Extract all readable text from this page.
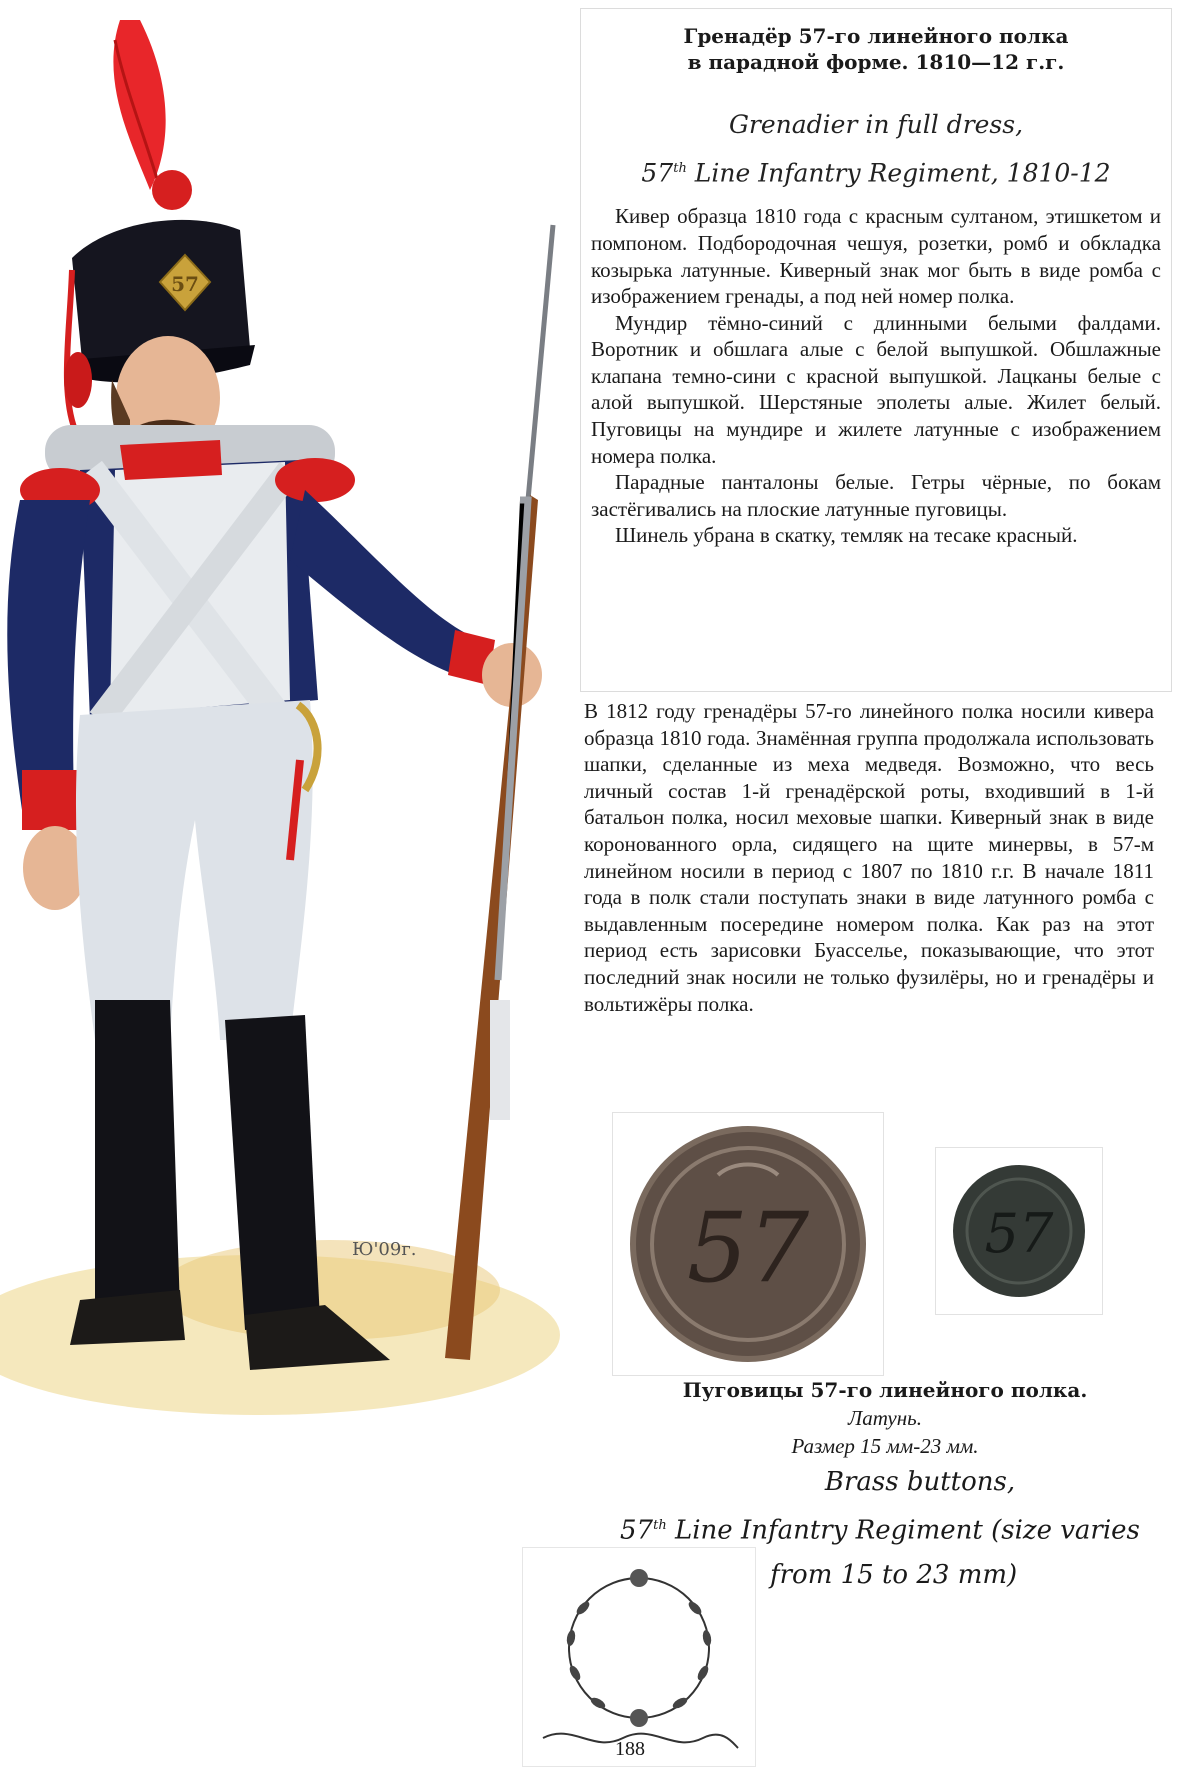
57
Ю'09г.

Гренадёр 57-го линейного полка
в парадной форме. 1810—12 г.г.

Grenadier in full dress,
57th Line Infantry Regiment, 1810-12

Кивер образца 1810 года с красным султаном, этишкетом и помпоном. Подбородочная чешуя, розетки, ромб и обкладка козырька латунные. Киверный знак мог быть в виде ромба с изображением гренады, а под ней номер полка.

Мундир тёмно-синий с длинными белыми фалдами. Воротник и обшлага алые с белой выпушкой. Обшлажные клапана темно-сини с красной выпушкой. Лацканы белые с алой выпушкой. Шерстяные эполеты алые. Жилет белый. Пуговицы на мундире и жилете латунные с изображением номера полка.

Парадные панталоны белые. Гетры чёрные, по бокам застёгивались на плоские латунные пуговицы.

Шинель убрана в скатку, темляк на тесаке красный.

В 1812 году гренадёры 57-го линейного полка носили кивера образца 1810 года. Знамённая группа продолжала использовать шапки, сделанные из меха медведя. Возможно, что весь личный состав 1-й гренадёрской роты, входивший в 1-й батальон полка, носил меховые шапки. Киверный знак в виде коронованного орла, сидящего на щите минервы, в 57-м линейном носили в период с 1807 по 1810 г.г. В начале 1811 года в полк стали поступать знаки в виде латунного ромба с выдавленным посередине номером полка. Как раз на этот период есть зарисовки Буасселье, показывающие, что этот последний знак носили не только фузилёры, но и гренадёры и вольтижёры полка.

57	57
Пуговицы 57-го линейного полка.
Латунь.
Размер 15 мм-23 мм.
Brass buttons,
57th Line Infantry Regiment (size varies
from 15 to 23 mm)
188
